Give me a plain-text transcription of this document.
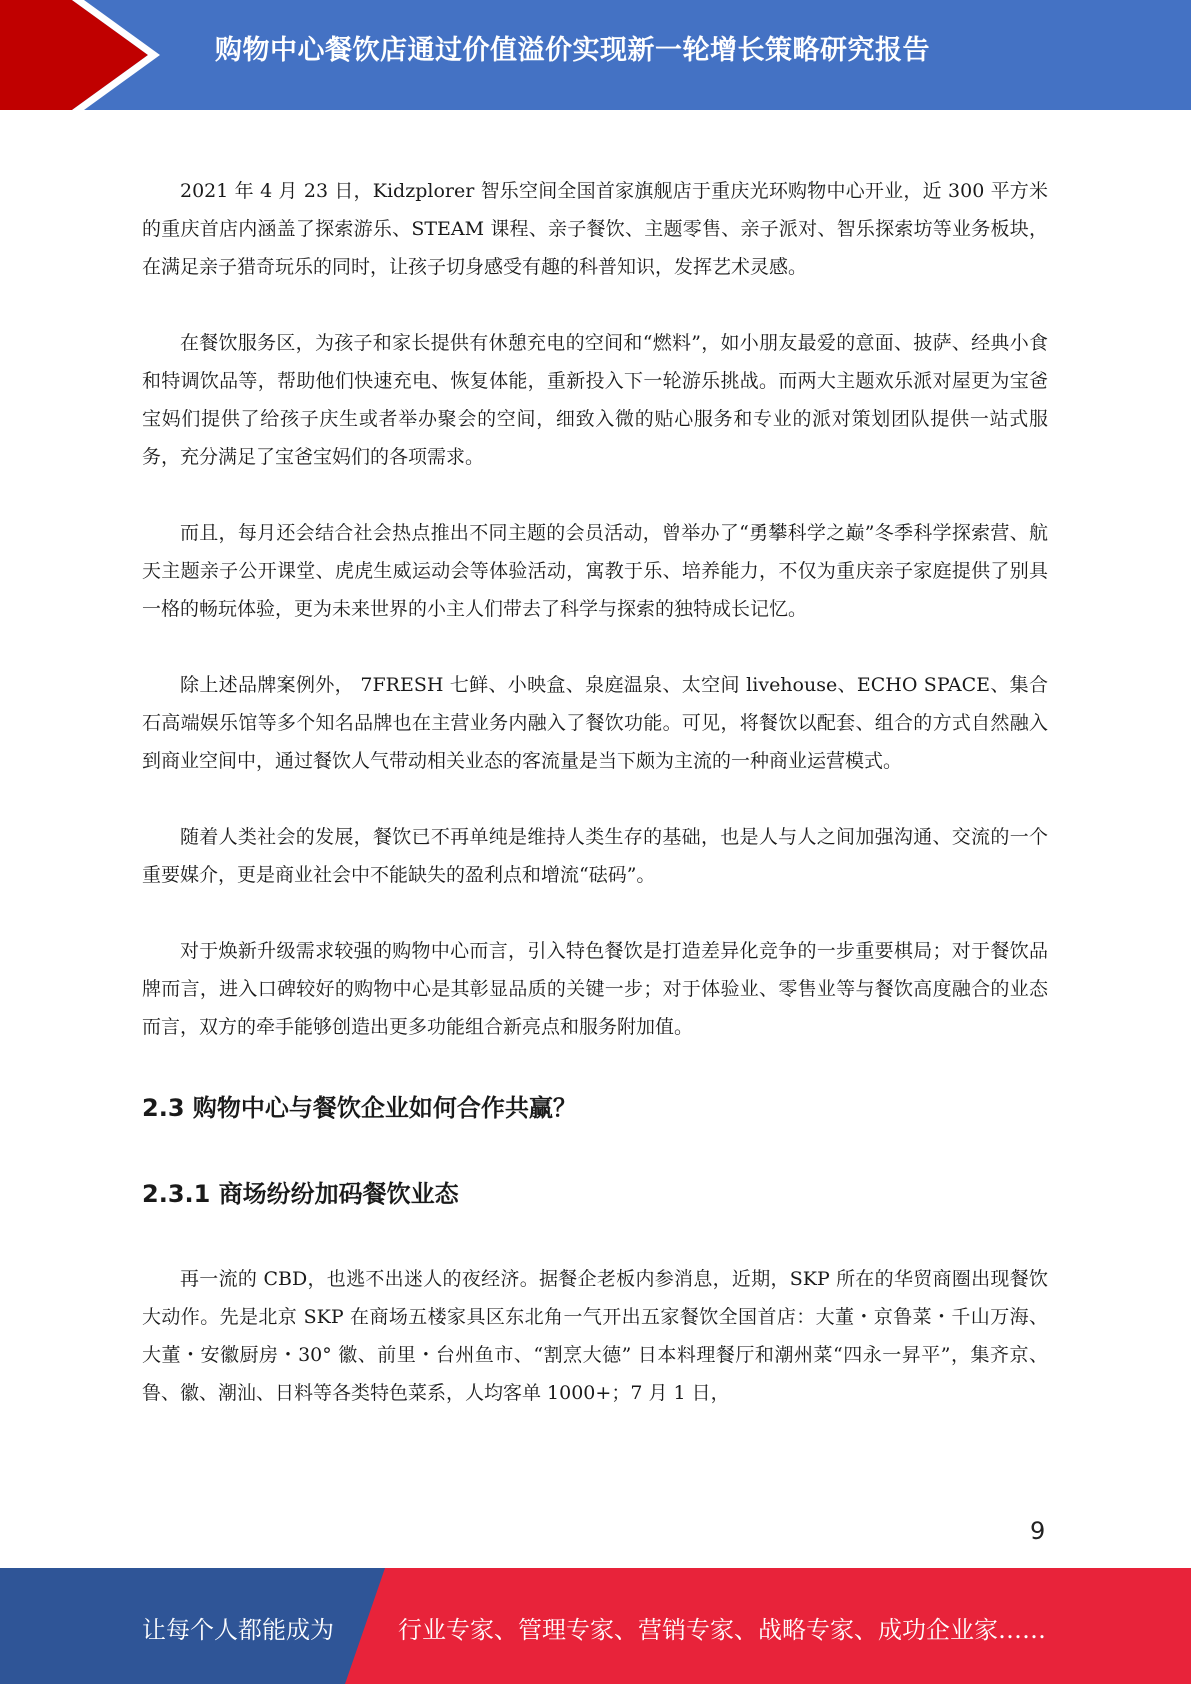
购物中心餐饮店通过价值溢价实现新一轮增长策略研究报告

2021 年 4 月 23 日，Kidzplorer 智乐空间全国首家旗舰店于重庆光环购物中心开业，近 300 平方米的重庆首店内涵盖了探索游乐、STEAM 课程、亲子餐饮、主题零售、亲子派对、智乐探索坊等业务板块，在满足亲子猎奇玩乐的同时，让孩子切身感受有趣的科普知识，发挥艺术灵感。

在餐饮服务区，为孩子和家长提供有休憩充电的空间和“燃料”，如小朋友最爱的意面、披萨、经典小食和特调饮品等，帮助他们快速充电、恢复体能，重新投入下一轮游乐挑战。而两大主题欢乐派对屋更为宝爸宝妈们提供了给孩子庆生或者举办聚会的空间，细致入微的贴心服务和专业的派对策划团队提供一站式服务，充分满足了宝爸宝妈们的各项需求。

而且，每月还会结合社会热点推出不同主题的会员活动，曾举办了“勇攀科学之巅”冬季科学探索营、航天主题亲子公开课堂、虎虎生威运动会等体验活动，寓教于乐、培养能力，不仅为重庆亲子家庭提供了别具一格的畅玩体验，更为未来世界的小主人们带去了科学与探索的独特成长记忆。

除上述品牌案例外， 7FRESH 七鲜、小映盒、泉庭温泉、太空间 livehouse、ECHO SPACE、集合石高端娱乐馆等多个知名品牌也在主营业务内融入了餐饮功能。可见，将餐饮以配套、组合的方式自然融入到商业空间中，通过餐饮人气带动相关业态的客流量是当下颇为主流的一种商业运营模式。

随着人类社会的发展，餐饮已不再单纯是维持人类生存的基础，也是人与人之间加强沟通、交流的一个重要媒介，更是商业社会中不能缺失的盈利点和增流“砝码”。

对于焕新升级需求较强的购物中心而言，引入特色餐饮是打造差异化竞争的一步重要棋局；对于餐饮品牌而言，进入口碑较好的购物中心是其彰显品质的关键一步；对于体验业、零售业等与餐饮高度融合的业态而言，双方的牵手能够创造出更多功能组合新亮点和服务附加值。

2.3 购物中心与餐饮企业如何合作共赢？
2.3.1 商场纷纷加码餐饮业态

再一流的 CBD，也逃不出迷人的夜经济。据餐企老板内参消息，近期，SKP 所在的华贸商圈出现餐饮大动作。先是北京 SKP 在商场五楼家具区东北角一气开出五家餐饮全国首店：大董・京鲁菜・千山万海、大董・安徽厨房・30° 徽、前里・台州鱼市、“割烹大德” 日本料理餐厅和潮州菜“四永一昇平”，集齐京、鲁、徽、潮汕、日料等各类特色菜系，人均客单 1000+；7 月 1 日，

9
让每个人都能成为	行业专家、管理专家、营销专家、战略专家、成功企业家……
